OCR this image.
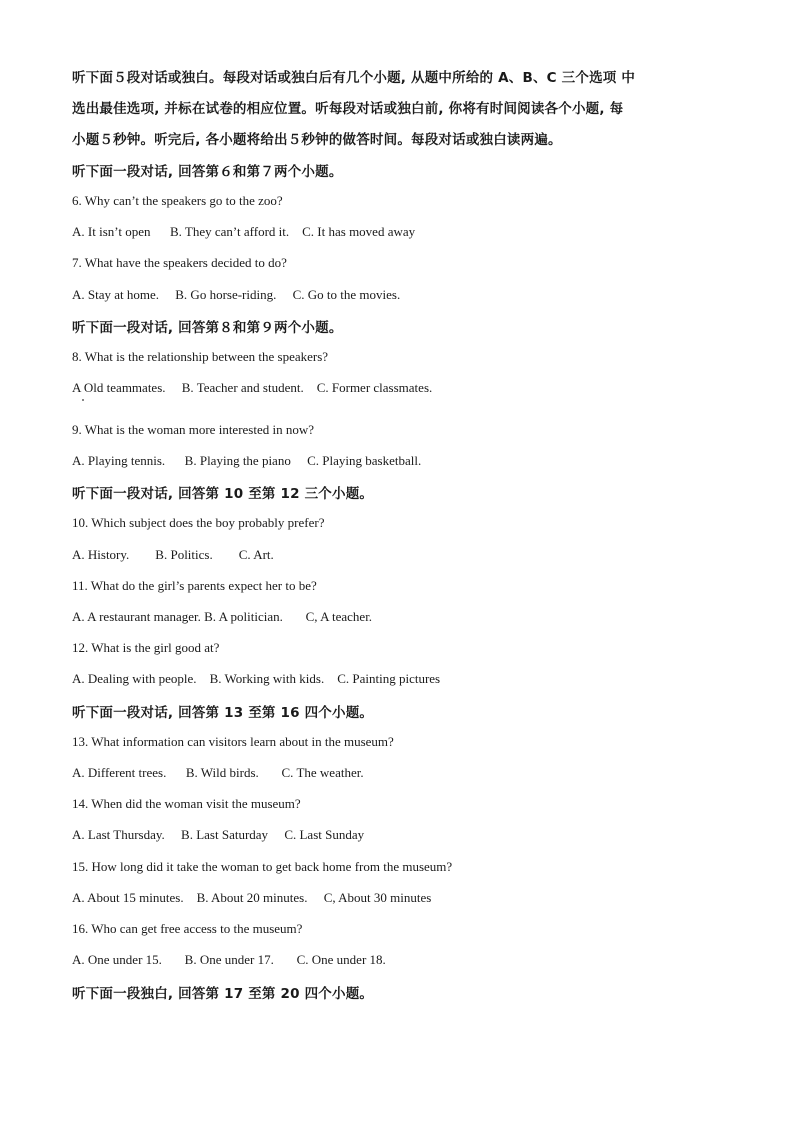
听下面５段对话或独白。每段对话或独白后有几个小题, 从题中所给的 A、B、C 三个选项 中
选出最佳选项, 并标在试卷的相应位置。听每段对话或独白前, 你将有时间阅读各个小题, 每
小题５秒钟。听完后, 各小题将给出５秒钟的做答时间。每段对话或独白读两遍。
听下面一段对话, 回答第６和第７两个小题。
6. Why can’t the speakers go to the zoo?
A. It isn’t open B. They can’t afford it. C. It has moved away
7. What have the speakers decided to do?
A. Stay at home. B. Go horse-riding. C. Go to the movies.
听下面一段对话, 回答第８和第９两个小题。
8. What is the relationship between the speakers?
A Old teammates. B. Teacher and student. C. Former classmates.
9. What is the woman more interested in now?
A. Playing tennis. B. Playing the piano C. Playing basketball.
听下面一段对话, 回答第 10 至第 12 三个小题。
10. Which subject does the boy probably prefer?
A. History. B. Politics. C. Art.
11. What do the girl’s parents expect her to be?
A. A restaurant manager. B. A politician. C, A teacher.
12. What is the girl good at?
A. Dealing with people. B. Working with kids. C. Painting pictures
听下面一段对话, 回答第 13 至第 16 四个小题。
13. What information can visitors learn about in the museum?
A. Different trees. B. Wild birds. C. The weather.
14. When did the woman visit the museum?
A. Last Thursday. B. Last Saturday C. Last Sunday
15. How long did it take the woman to get back home from the museum?
A. About 15 minutes. B. About 20 minutes. C, About 30 minutes
16. Who can get free access to the museum?
A. One under 15. B. One under 17. C. One under 18.
听下面一段独白, 回答第 17 至第 20 四个小题。
